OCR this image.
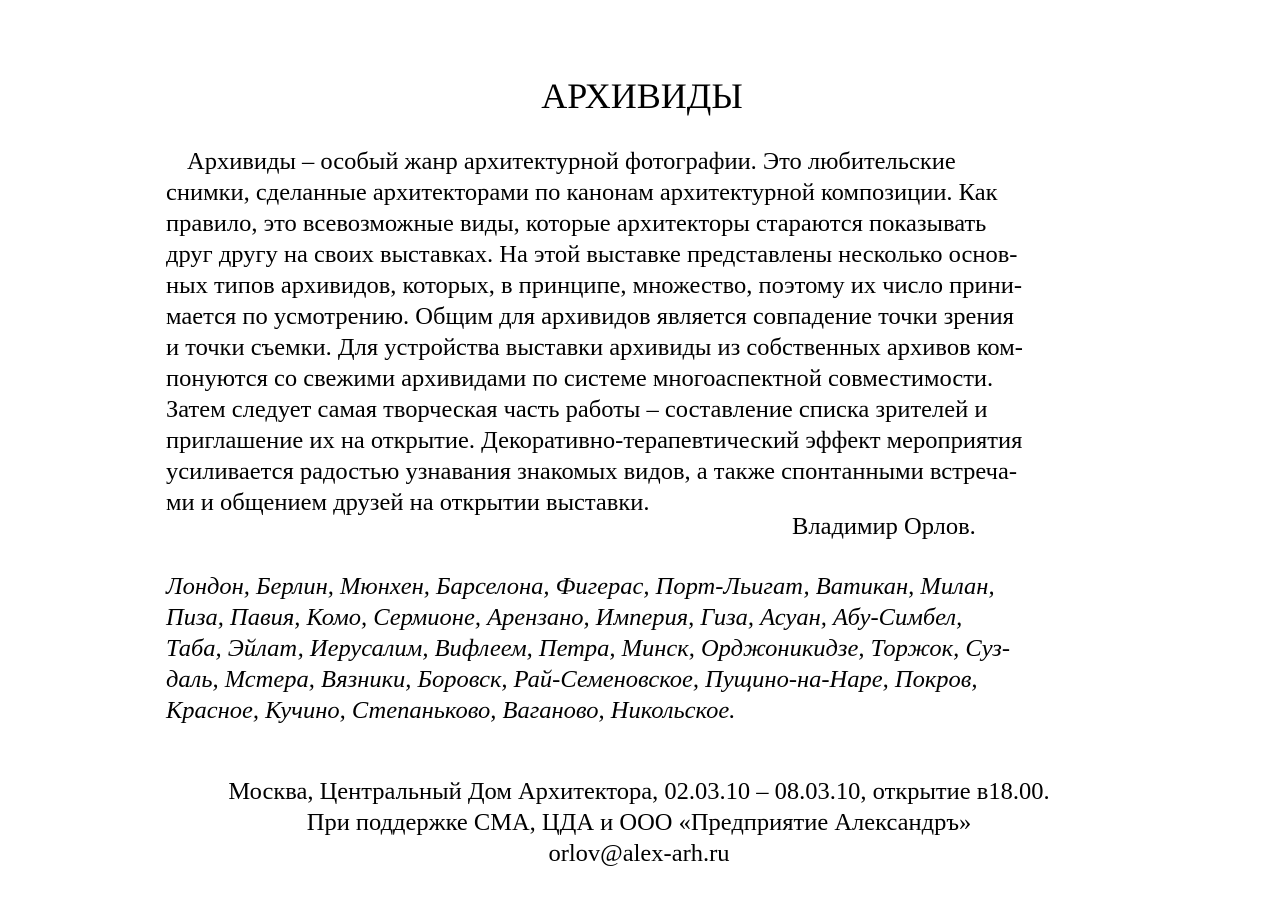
АРХИВИДЫ
Архивиды – особый жанр архитектурной фотографии. Это любительские
снимки, сделанные архитекторами по канонам архитектурной композиции. Как
правило, это всевозможные виды, которые архитекторы стараются показывать
друг другу на своих выставках. На этой выставке представлены несколько основ-
ных типов архивидов, которых, в принципе, множество, поэтому их число прини-
мается по усмотрению. Общим для архивидов является совпадение точки зрения
и точки съемки. Для устройства выставки архивиды из собственных архивов ком-
понуются со свежими архивидами по системе многоаспектной совместимости.
Затем следует самая творческая часть работы – составление списка зрителей и
приглашение их на открытие. Декоративно-терапевтический эффект мероприятия
усиливается радостью узнавания знакомых видов, а также спонтанными встреча-
ми и общением друзей на открытии выставки.
Владимир Орлов.
Лондон, Берлин, Мюнхен, Барселона, Фигерас, Порт-Льигат, Ватикан, Милан,
Пиза, Павия, Комо, Сермионе, Арензано, Империя, Гиза, Асуан, Абу-Симбел,
Таба, Эйлат, Иерусалим, Вифлеем, Петра, Минск, Орджоникидзе, Торжок, Суз-
даль, Мстера, Вязники, Боровск, Рай-Семеновское, Пущино-на-Наре, Покров,
Красное, Кучино, Степаньково, Ваганово, Никольское.
Москва, Центральный Дом Архитектора, 02.03.10 – 08.03.10, открытие в18.00.
При поддержке СМА, ЦДА и ООО «Предприятие Александръ»
orlov@alex-arh.ru
